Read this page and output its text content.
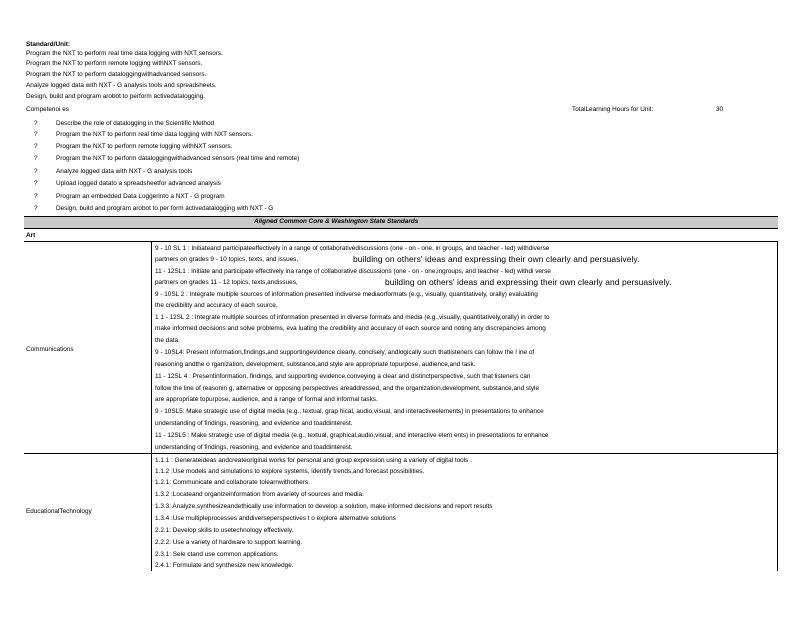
Standard/Unit:
Program the NXT to perform real time data logging with NXT sensors.
Program the NXT to perform remote logging withNXT sensors.
Program the NXT to perform dataloggingwithadvanced sensors.
Analyze logged data with NXT - G analysis tools and spreadsheets.
Design, build and program arobot to perform activedatalogging.
Competenoi es	TotalLearning Hours for Unit:	30
?	Describe the role of datalogging in the Scientific Method
?	Program the NXT to perform real time data logging with NXT sensors.
?	Program the NXT to perform remote logging withNXT sensors.
?	Program the NXT to perform dataloggingwithadvanced sensors (real time and remote)
?	Analyze logged data with NXT - G analysis tools
?	Upload logged datato a spreadsheetfor advanced analysis
?	Program an embedded Data Loggerinto a NXT - G program
?	Design, build and program arobot to per form activedatalogging with NXT - G
Aligned Common Core & Washington State Standards
Art
Communications
9 - 10 SL 1 : Initiateand participateeffectively in a range of collaborativediscussions (one - on - one, in groups, and teacher - led) withdiverse
partners on grades 9 - 10 topics, texts, and issues,	building on others' ideas and expressing their own clearly and persuasively.
11 - 12SL1 : Initiate and participate effectively ina range of collaborative discussions (one - on - one,ingroups, and teacher - led) withdi verse
partners on grades 11 - 12 topics, texts,andissues,	building on others' ideas and expressing their own clearly and persuasively.
9 - 10SL 2 : Integrate multiple sources of information presented indiverse mediaorformats (e.g., visually, quantitatively, orally) evaluating
the credibility and accuracy of each source.
1 1 - 12SL 2 : Integrate multiple sources of information presented in diverse formats and media (e.g.,visually, quantitatively,orally) in order to
make informed decisions and solve problems, eva luating the credibility and accuracy of each source and noting any discrepancies among
the data.
9 - 10SL4: Present information,findings,and supportingevidence clearly, concisely, andlogically such thatlisteners can follow the l ine of
reasoning andthe o rganization, development, substance,and style are appropriate topurpose, audience,and task.
11 - 12SL 4 : Presentinformation, findings, and supporting evidence,conveying a clear and distinctperspective, such that listeners can
follow the line of reasonin g, alternative or opposing perspectives areaddressed, and the organization,development, substance,and style
are appropriate topurpose, audience, and a range of formal and informal tasks.
9 - 10SL5: Make strategic use of digital media (e.g., textual, grap hical, audio,visual, and interactiveelements) in presentations to enhance
understanding of findings, reasoning, and evidence and toaddinterest.
11 - 12SL5 : Make strategic use of digital media (e.g., textual, graphical,audio,visual, and interactive elem ents) in presentations to enhance
understanding of findings, reasoning, and evidence and toaddinterest.
EducationalTechnology
1.1.1 : Generateideas andcreateoriginal works for personal and group expression using a variety of digital tools .
1.1.2 :Use models and simulations to explore systems, identify trends,and forecast possibilities.
1.2.1: Communicate and collaborate tolearnwithothers.
1.3.2 :Locateand organizeinformation from avariety of sources and media.
1.3.3: Analyze,synthesizeandethically use information to develop a solution, make informed decisions and report results
1.3.4 :Use multipleprocesses anddiverseperspectives t o explore alternative solutions
2.2.1: Develop skills to usetechnology effectively.
2.2.2: Use a variety of hardware to support learning.
2.3.1: Sele ctand use common applications.
2.4.1: Formulate and synthesize new knowledge.
